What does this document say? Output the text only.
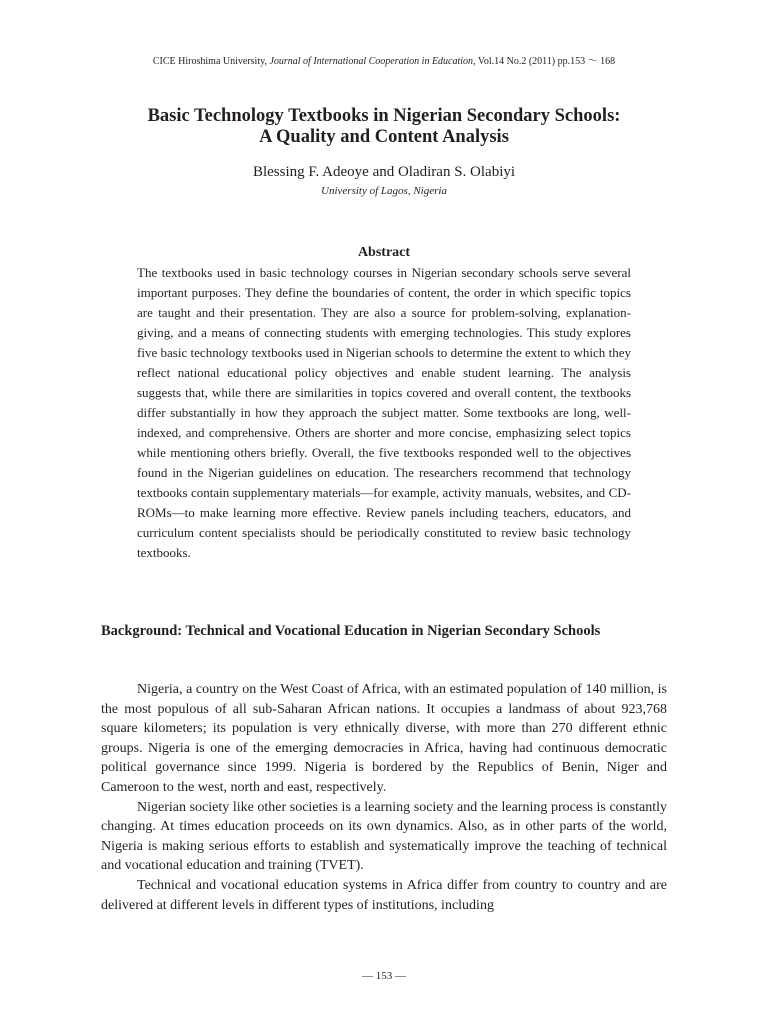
CICE Hiroshima University, Journal of International Cooperation in Education, Vol.14 No.2 (2011) pp.153 ～ 168
Basic Technology Textbooks in Nigerian Secondary Schools:
A Quality and Content Analysis
Blessing F. Adeoye and Oladiran S. Olabiyi
University of Lagos, Nigeria
Abstract

The textbooks used in basic technology courses in Nigerian secondary schools serve several important purposes. They define the boundaries of content, the order in which specific topics are taught and their presentation. They are also a source for problem-solving, explanation-giving, and a means of connecting students with emerging technologies. This study explores five basic technology textbooks used in Nigerian schools to determine the extent to which they reflect national educational policy objectives and enable student learning. The analysis suggests that, while there are similarities in topics covered and overall content, the textbooks differ substantially in how they approach the subject matter. Some textbooks are long, well-indexed, and comprehensive. Others are shorter and more concise, emphasizing select topics while mentioning others briefly. Overall, the five textbooks responded well to the objectives found in the Nigerian guidelines on education. The researchers recommend that technology textbooks contain supplementary materials—for example, activity manuals, websites, and CD-ROMs—to make learning more effective. Review panels including teachers, educators, and curriculum content specialists should be periodically constituted to review basic technology textbooks.

Background: Technical and Vocational Education in Nigerian Secondary Schools

Nigeria, a country on the West Coast of Africa, with an estimated population of 140 million, is the most populous of all sub-Saharan African nations. It occupies a landmass of about 923,768 square kilometers; its population is very ethnically diverse, with more than 270 different ethnic groups. Nigeria is one of the emerging democracies in Africa, having had continuous democratic political governance since 1999. Nigeria is bordered by the Republics of Benin, Niger and Cameroon to the west, north and east, respectively.

Nigerian society like other societies is a learning society and the learning process is constantly changing. At times education proceeds on its own dynamics. Also, as in other parts of the world, Nigeria is making serious efforts to establish and systematically improve the teaching of technical and vocational education and training (TVET).

Technical and vocational education systems in Africa differ from country to country and are delivered at different levels in different types of institutions, including

― 153 ―
